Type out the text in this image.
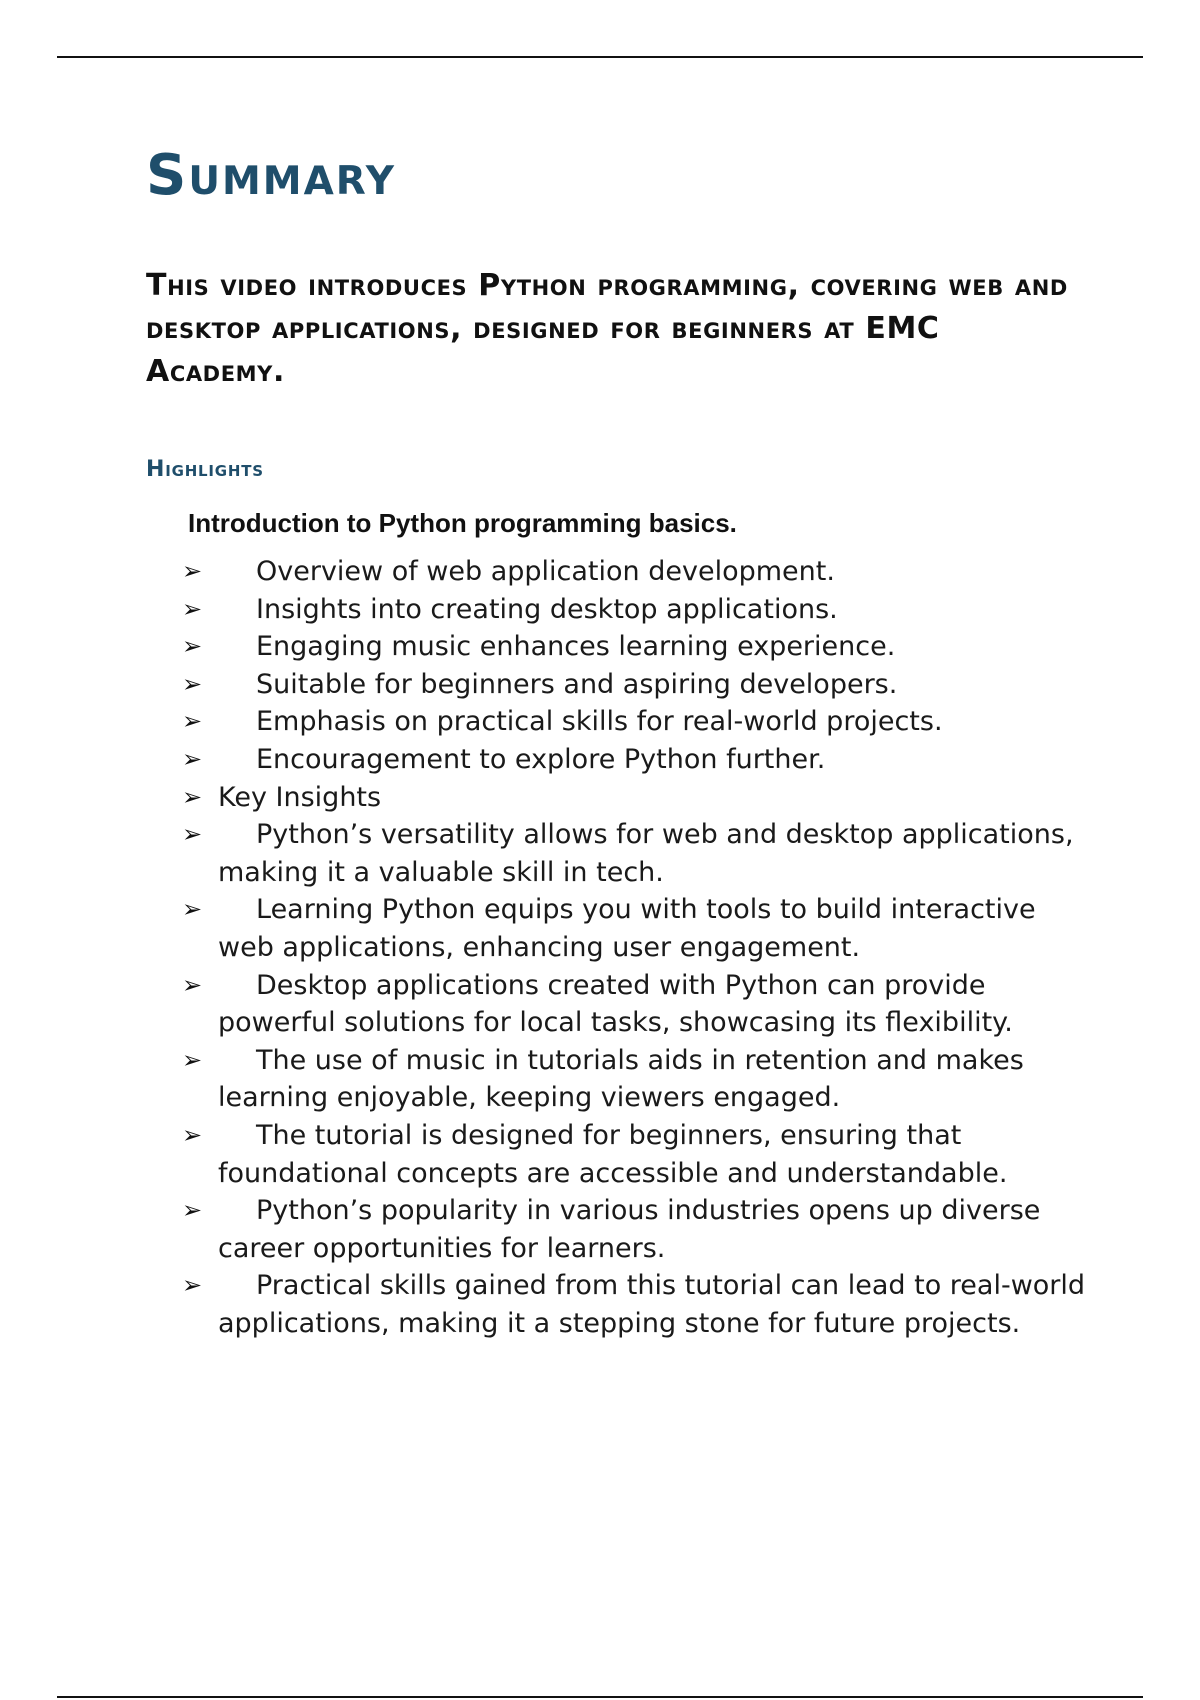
Summary

This video introduces Python programming, covering web and desktop applications, designed for beginners at EMC Academy.

Highlights
Introduction to Python programming basics.
➢ Overview of web application development.
➢ Insights into creating desktop applications.
➢ Engaging music enhances learning experience.
➢ Suitable for beginners and aspiring developers.
➢ Emphasis on practical skills for real-world projects.
➢ Encouragement to explore Python further.
➢ Key Insights
➢ Python’s versatility allows for web and desktop applications, making it a valuable skill in tech.
➢ Learning Python equips you with tools to build interactive web applications, enhancing user engagement.
➢ Desktop applications created with Python can provide powerful solutions for local tasks, showcasing its flexibility.
➢ The use of music in tutorials aids in retention and makes learning enjoyable, keeping viewers engaged.
➢ The tutorial is designed for beginners, ensuring that foundational concepts are accessible and understandable.
➢ Python’s popularity in various industries opens up diverse career opportunities for learners.
➢ Practical skills gained from this tutorial can lead to real-world applications, making it a stepping stone for future projects.
